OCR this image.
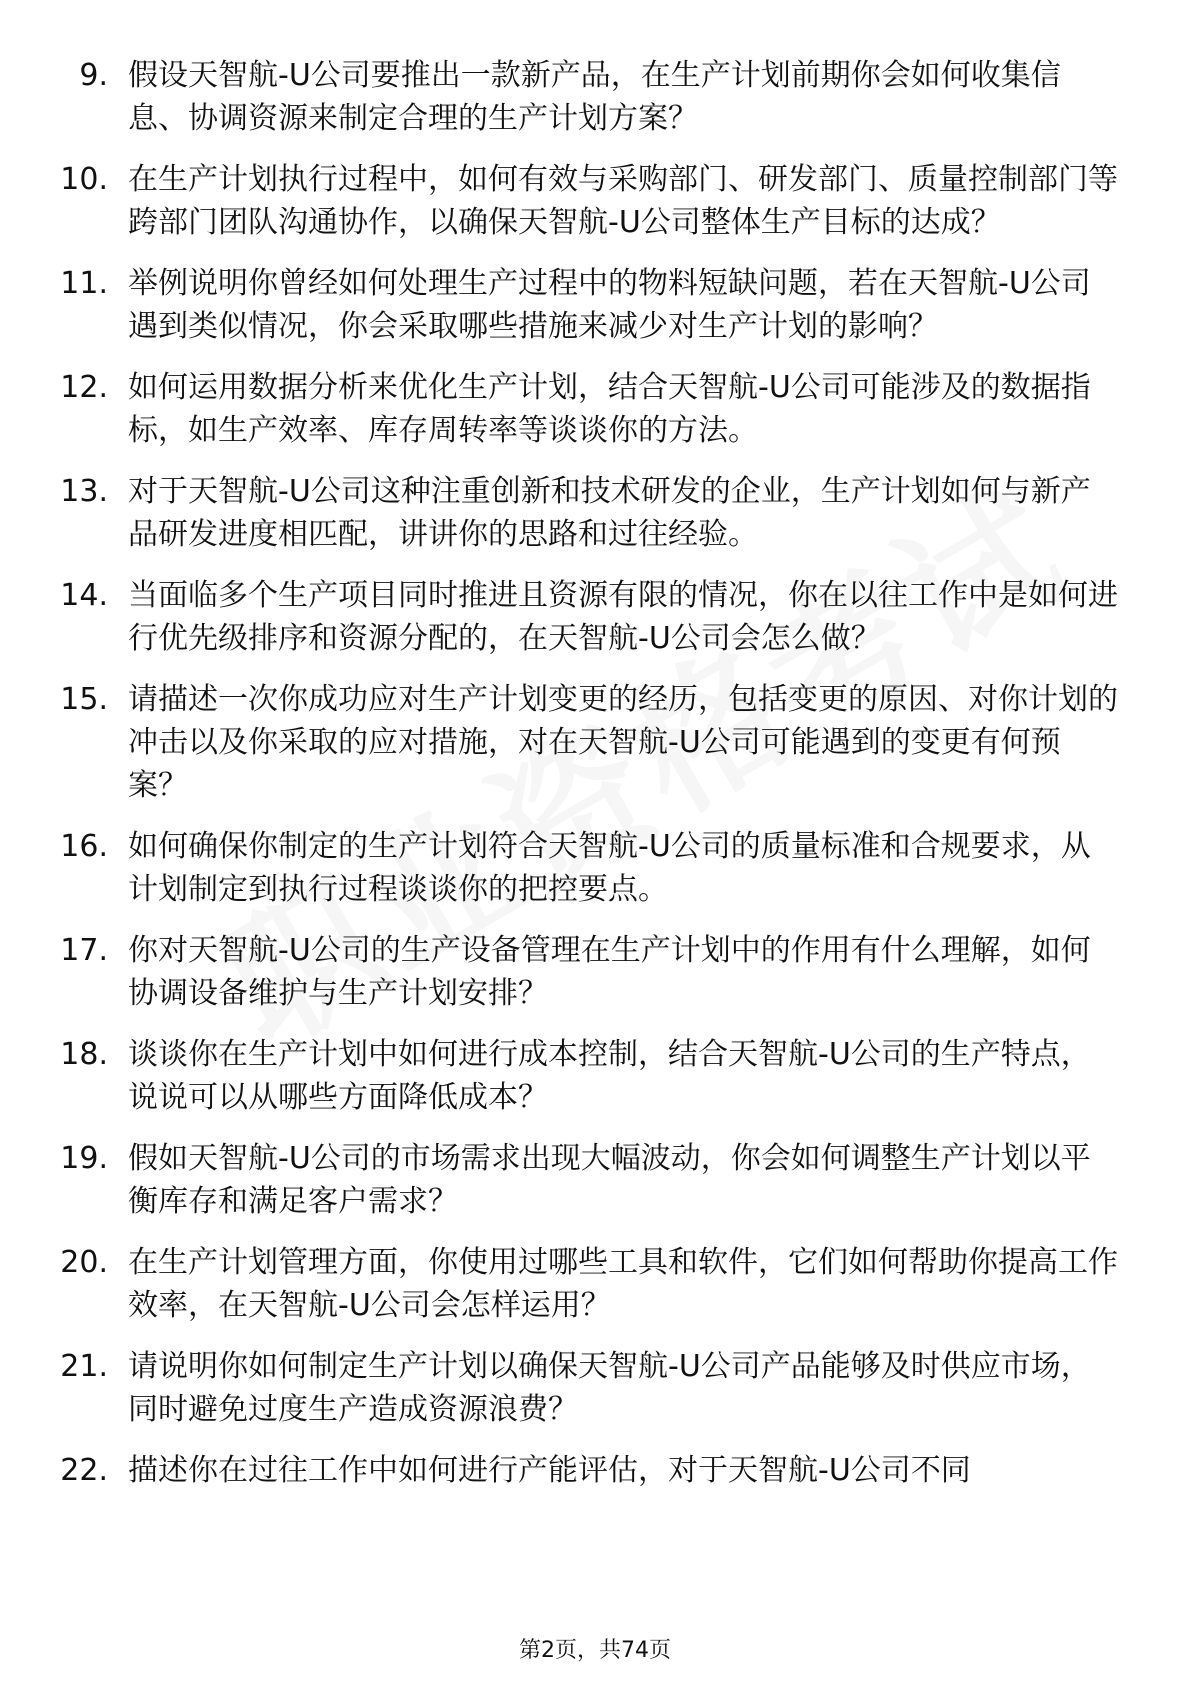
9. 假设天智航-U公司要推出一款新产品，在生产计划前期你会如何收集信息、协调资源来制定合理的生产计划方案？
10. 在生产计划执行过程中，如何有效与采购部门、研发部门、质量控制部门等跨部门团队沟通协作，以确保天智航-U公司整体生产目标的达成？
11. 举例说明你曾经如何处理生产过程中的物料短缺问题，若在天智航-U公司遇到类似情况，你会采取哪些措施来减少对生产计划的影响？
12. 如何运用数据分析来优化生产计划，结合天智航-U公司可能涉及的数据指标，如生产效率、库存周转率等谈谈你的方法。
13. 对于天智航-U公司这种注重创新和技术研发的企业，生产计划如何与新产品研发进度相匹配，讲讲你的思路和过往经验。
14. 当面临多个生产项目同时推进且资源有限的情况，你在以往工作中是如何进行优先级排序和资源分配的，在天智航-U公司会怎么做？
15. 请描述一次你成功应对生产计划变更的经历，包括变更的原因、对你计划的冲击以及你采取的应对措施，对在天智航-U公司可能遇到的变更有何预案？
16. 如何确保你制定的生产计划符合天智航-U公司的质量标准和合规要求，从计划制定到执行过程谈谈你的把控要点。
17. 你对天智航-U公司的生产设备管理在生产计划中的作用有什么理解，如何协调设备维护与生产计划安排？
18. 谈谈你在生产计划中如何进行成本控制，结合天智航-U公司的生产特点，说说可以从哪些方面降低成本？
19. 假如天智航-U公司的市场需求出现大幅波动，你会如何调整生产计划以平衡库存和满足客户需求？
20. 在生产计划管理方面，你使用过哪些工具和软件，它们如何帮助你提高工作效率，在天智航-U公司会怎样运用？
21. 请说明你如何制定生产计划以确保天智航-U公司产品能够及时供应市场，同时避免过度生产造成资源浪费？
22. 描述你在过往工作中如何进行产能评估，对于天智航-U公司不同
第2页，共74页
